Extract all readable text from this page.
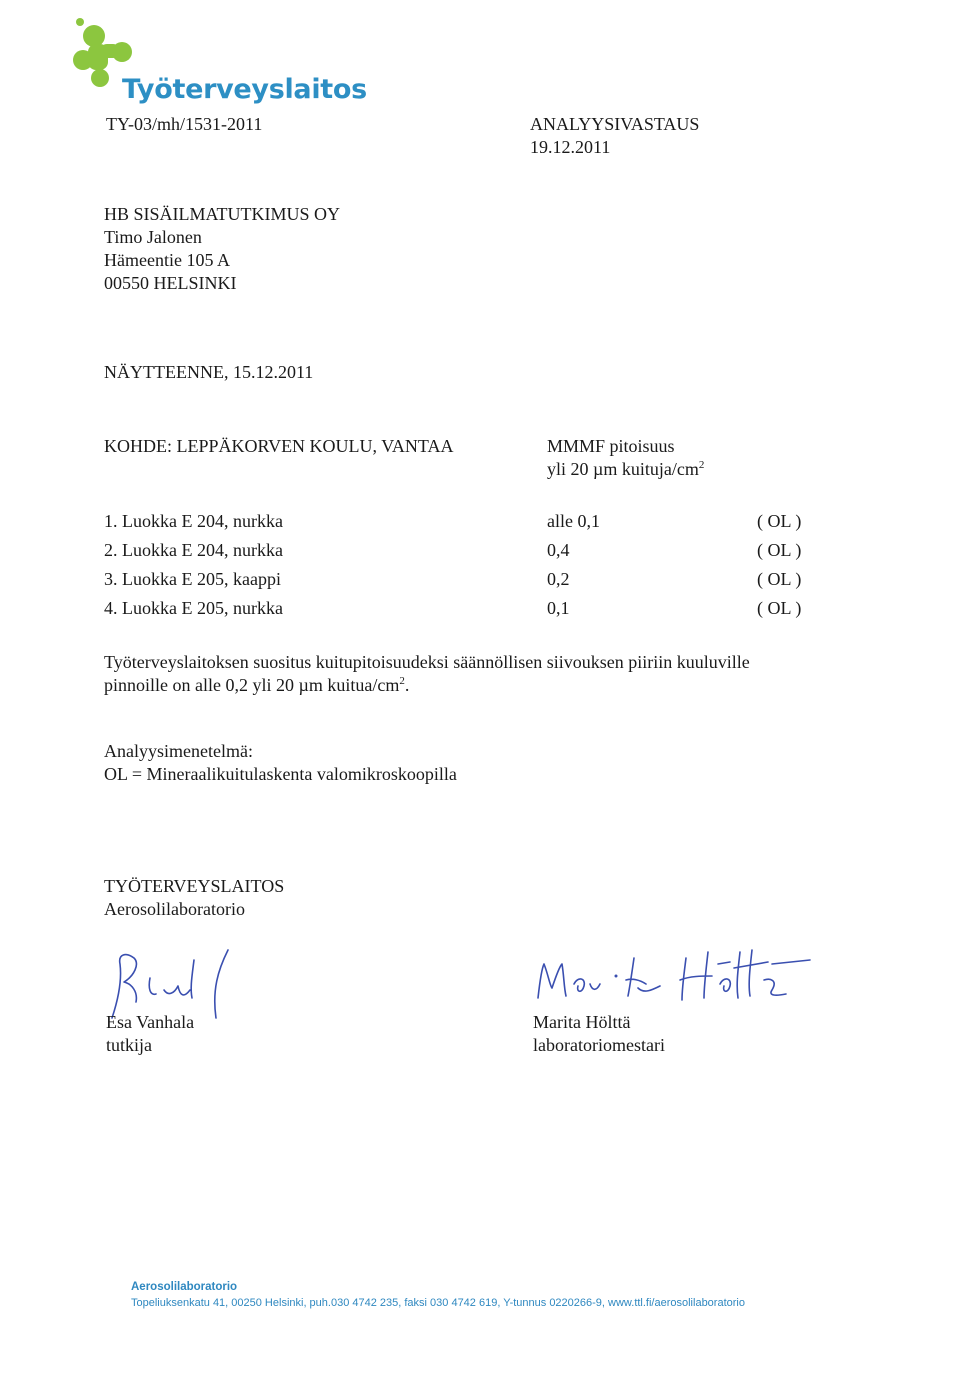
Työterveyslaitos
TY-03/mh/1531-2011	ANALYYSIVASTAUS
19.12.2011
HB SISÄILMATUTKIMUS OY
Timo Jalonen
Hämeentie 105 A
00550 HELSINKI
NÄYTTEENNE, 15.12.2011
KOHDE: LEPPÄKORVEN KOULU, VANTAA	MMMF pitoisuus
yli 20 µm kuituja/$cm^2$
1. Luokka E 204, nurkka	alle 0,1	( OL )
2. Luokka E 204, nurkka	0,4	( OL )
3. Luokka E 205, kaappi	0,2	( OL )
4. Luokka E 205, nurkka	0,1	( OL )
Työterveyslaitoksen suositus kuitupitoisuudeksi säännöllisen siivouksen piiriin kuuluville
pinnoille on alle 0,2 yli 20 µm kuitua/$cm^2$.
Analyysimenetelmä:
OL = Mineraalikuitulaskenta valomikroskoopilla
TYÖTERVEYSLAITOS
Aerosolilaboratorio
Esa Vanhala
tutkija
Marita Hölttä
laboratoriomestari
Aerosolilaboratorio
Topeliuksenkatu 41, 00250 Helsinki, puh.030 4742 235, faksi 030 4742 619, Y-tunnus 0220266-9, www.ttl.fi/aerosolilaboratorio
